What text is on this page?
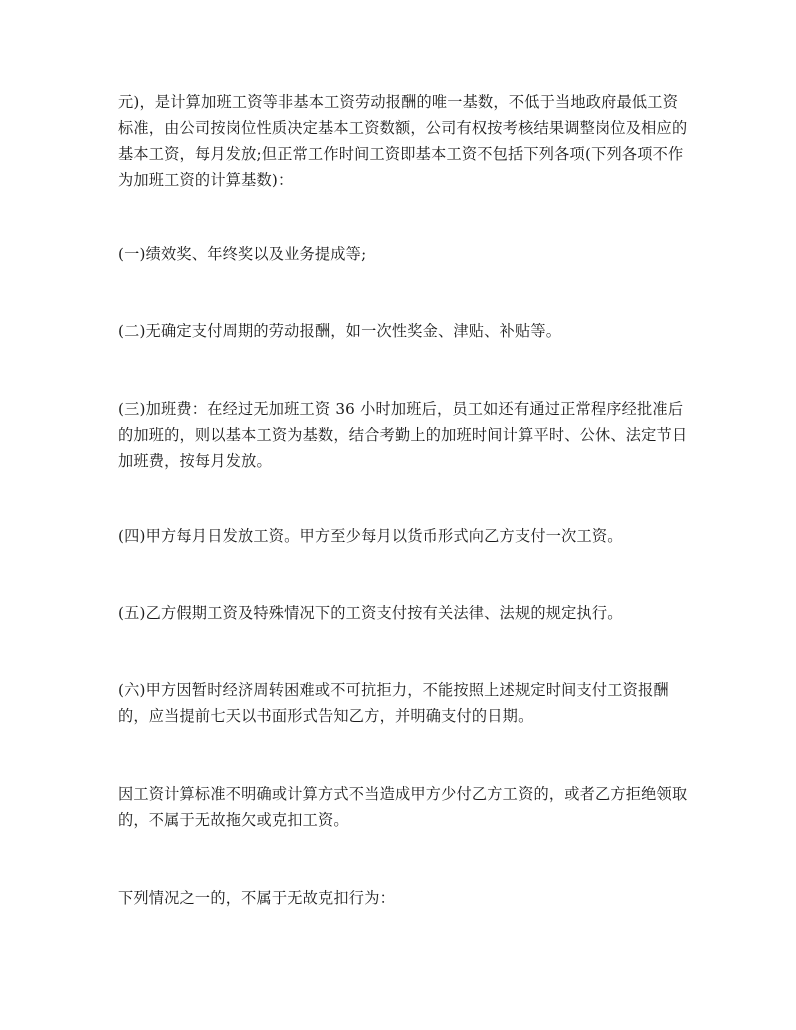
元)，是计算加班工资等非基本工资劳动报酬的唯一基数，不低于当地政府最低工资标准，由公司按岗位性质决定基本工资数额，公司有权按考核结果调整岗位及相应的基本工资，每月发放;但正常工作时间工资即基本工资不包括下列各项(下列各项不作为加班工资的计算基数)：

(一)绩效奖、年终奖以及业务提成等;

(二)无确定支付周期的劳动报酬，如一次性奖金、津贴、补贴等。

(三)加班费：在经过无加班工资 36 小时加班后，员工如还有通过正常程序经批准后的加班的，则以基本工资为基数，结合考勤上的加班时间计算平时、公休、法定节日加班费，按每月发放。

(四)甲方每月日发放工资。甲方至少每月以货币形式向乙方支付一次工资。

(五)乙方假期工资及特殊情况下的工资支付按有关法律、法规的规定执行。

(六)甲方因暂时经济周转困难或不可抗拒力，不能按照上述规定时间支付工资报酬的，应当提前七天以书面形式告知乙方，并明确支付的日期。

因工资计算标准不明确或计算方式不当造成甲方少付乙方工资的，或者乙方拒绝领取的，不属于无故拖欠或克扣工资。

下列情况之一的，不属于无故克扣行为：
